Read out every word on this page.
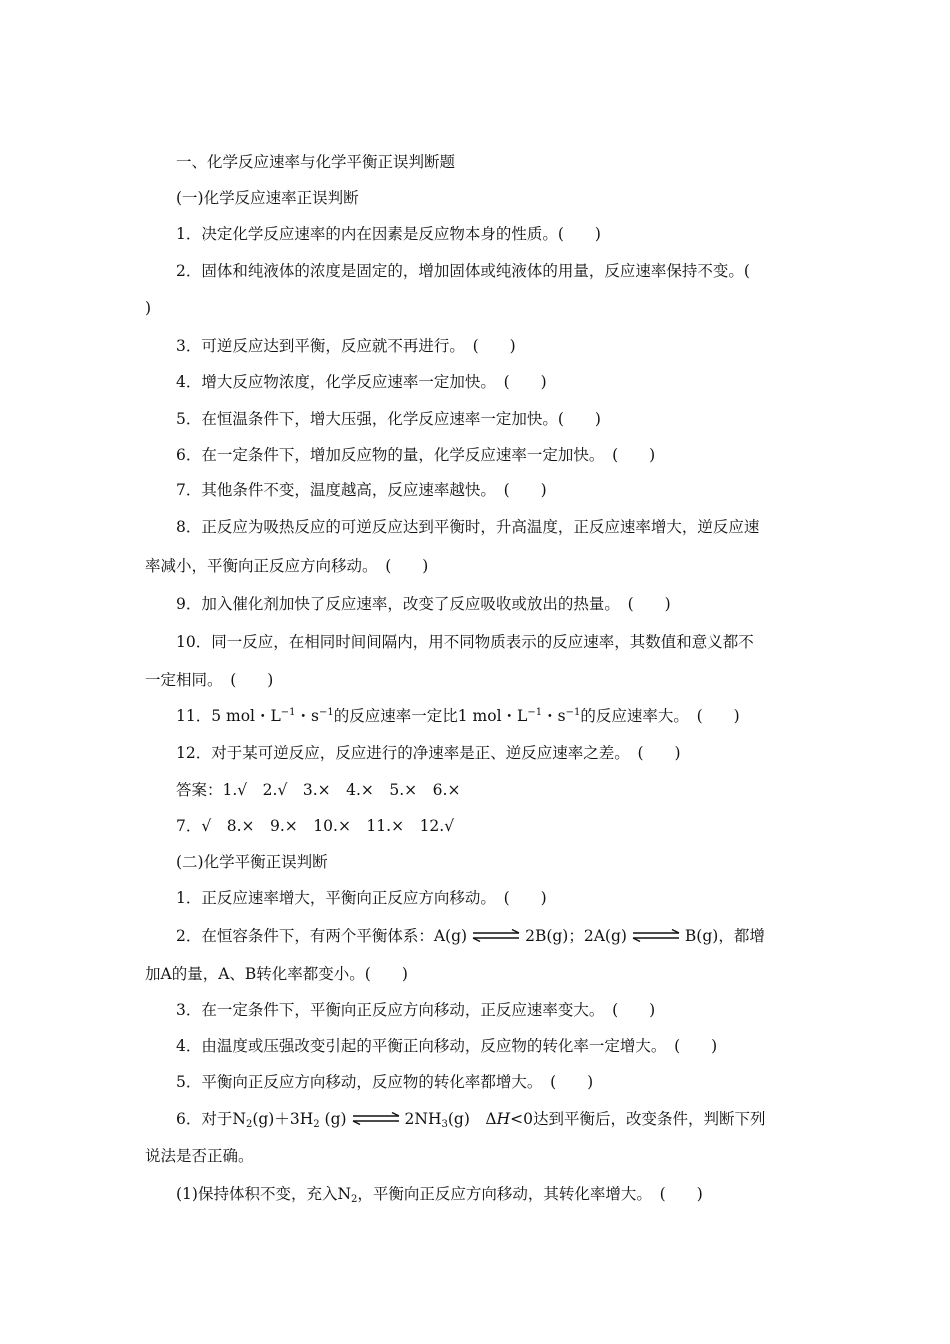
一、化学反应速率与化学平衡正误判断题
(一)化学反应速率正误判断
1．决定化学反应速率的内在因素是反应物本身的性质。(　　)
2．固体和纯液体的浓度是固定的，增加固体或纯液体的用量，反应速率保持不变。(
)
3．可逆反应达到平衡，反应就不再进行。　(　　)
4．增大反应物浓度，化学反应速率一定加快。　(　　)
5．在恒温条件下，增大压强，化学反应速率一定加快。(　　)
6．在一定条件下，增加反应物的量，化学反应速率一定加快。　(　　)
7．其他条件不变，温度越高，反应速率越快。　(　　)
8．正反应为吸热反应的可逆反应达到平衡时，升高温度，正反应速率增大，逆反应速
率减小，平衡向正反应方向移动。　(　　)
9．加入催化剂加快了反应速率，改变了反应吸收或放出的热量。　(　　)
10．同一反应，在相同时间间隔内，用不同物质表示的反应速率，其数值和意义都不
一定相同。　(　　)
11．5 mol・$L^{-1}$・$s^{-1}$的反应速率一定比1 mol・$L^{-1}$・$s^{-1}$的反应速率大。　(　　)
12．对于某可逆反应，反应进行的净速率是正、逆反应速率之差。　(　　)
答案：1.√　2.√　3.×　4.×　5.×　6.×
7．√　8.×　9.×　10.×　11.×　12.√
(二)化学平衡正误判断
1．正反应速率增大，平衡向正反应方向移动。　(　　)
2．在恒容条件下，有两个平衡体系：A(g) ⇌ 2B(g)；2A(g) ⇌ B(g)，都增
加A的量，A、B转化率都变小。(　　)
3．在一定条件下，平衡向正反应方向移动，正反应速率变大。　(　　)
4．由温度或压强改变引起的平衡正向移动，反应物的转化率一定增大。　(　　)
5．平衡向正反应方向移动，反应物的转化率都增大。　(　　)
6．对于$N_2(g)+3H_2$ (g) ⇌ $2NH_3(g)$　ΔH<0达到平衡后，改变条件，判断下列
说法是否正确。
(1)保持体积不变，充入$N_2$，平衡向正反应方向移动，其转化率增大。　(　　)
